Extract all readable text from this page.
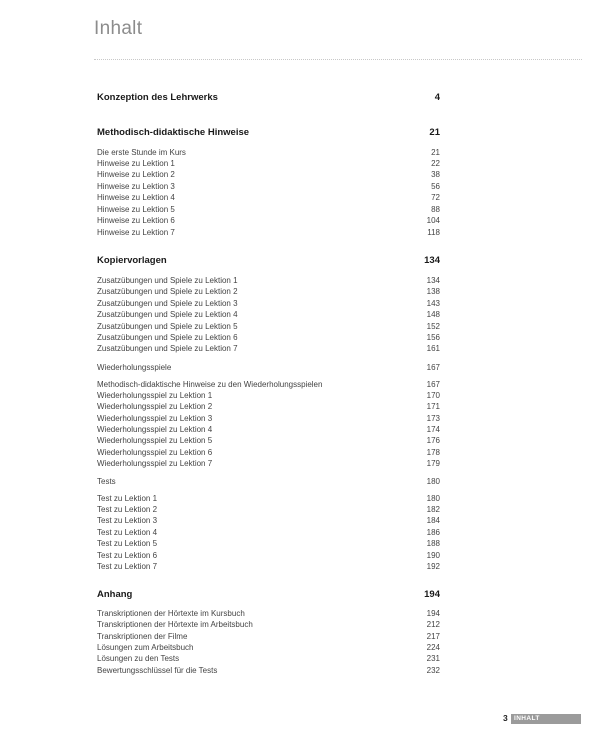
Inhalt
Konzeption des Lehrwerks	4
Methodisch-didaktische Hinweise	21
Die erste Stunde im Kurs	21
Hinweise zu Lektion 1	22
Hinweise zu Lektion 2	38
Hinweise zu Lektion 3	56
Hinweise zu Lektion 4	72
Hinweise zu Lektion 5	88
Hinweise zu Lektion 6	104
Hinweise zu Lektion 7	118
Kopiervorlagen	134
Zusatzübungen und Spiele zu Lektion 1	134
Zusatzübungen und Spiele zu Lektion 2	138
Zusatzübungen und Spiele zu Lektion 3	143
Zusatzübungen und Spiele zu Lektion 4	148
Zusatzübungen und Spiele zu Lektion 5	152
Zusatzübungen und Spiele zu Lektion 6	156
Zusatzübungen und Spiele zu Lektion 7	161
Wiederholungsspiele	167
Methodisch-didaktische Hinweise zu den Wiederholungsspielen	167
Wiederholungsspiel zu Lektion 1	170
Wiederholungsspiel zu Lektion 2	171
Wiederholungsspiel zu Lektion 3	173
Wiederholungsspiel zu Lektion 4	174
Wiederholungsspiel zu Lektion 5	176
Wiederholungsspiel zu Lektion 6	178
Wiederholungsspiel zu Lektion 7	179
Tests	180
Test zu Lektion 1	180
Test zu Lektion 2	182
Test zu Lektion 3	184
Test zu Lektion 4	186
Test zu Lektion 5	188
Test zu Lektion 6	190
Test zu Lektion 7	192
Anhang	194
Transkriptionen der Hörtexte im Kursbuch	194
Transkriptionen der Hörtexte im Arbeitsbuch	212
Transkriptionen der Filme	217
Lösungen zum Arbeitsbuch	224
Lösungen zu den Tests	231
Bewertungsschlüssel für die Tests	232
3 INHALT
